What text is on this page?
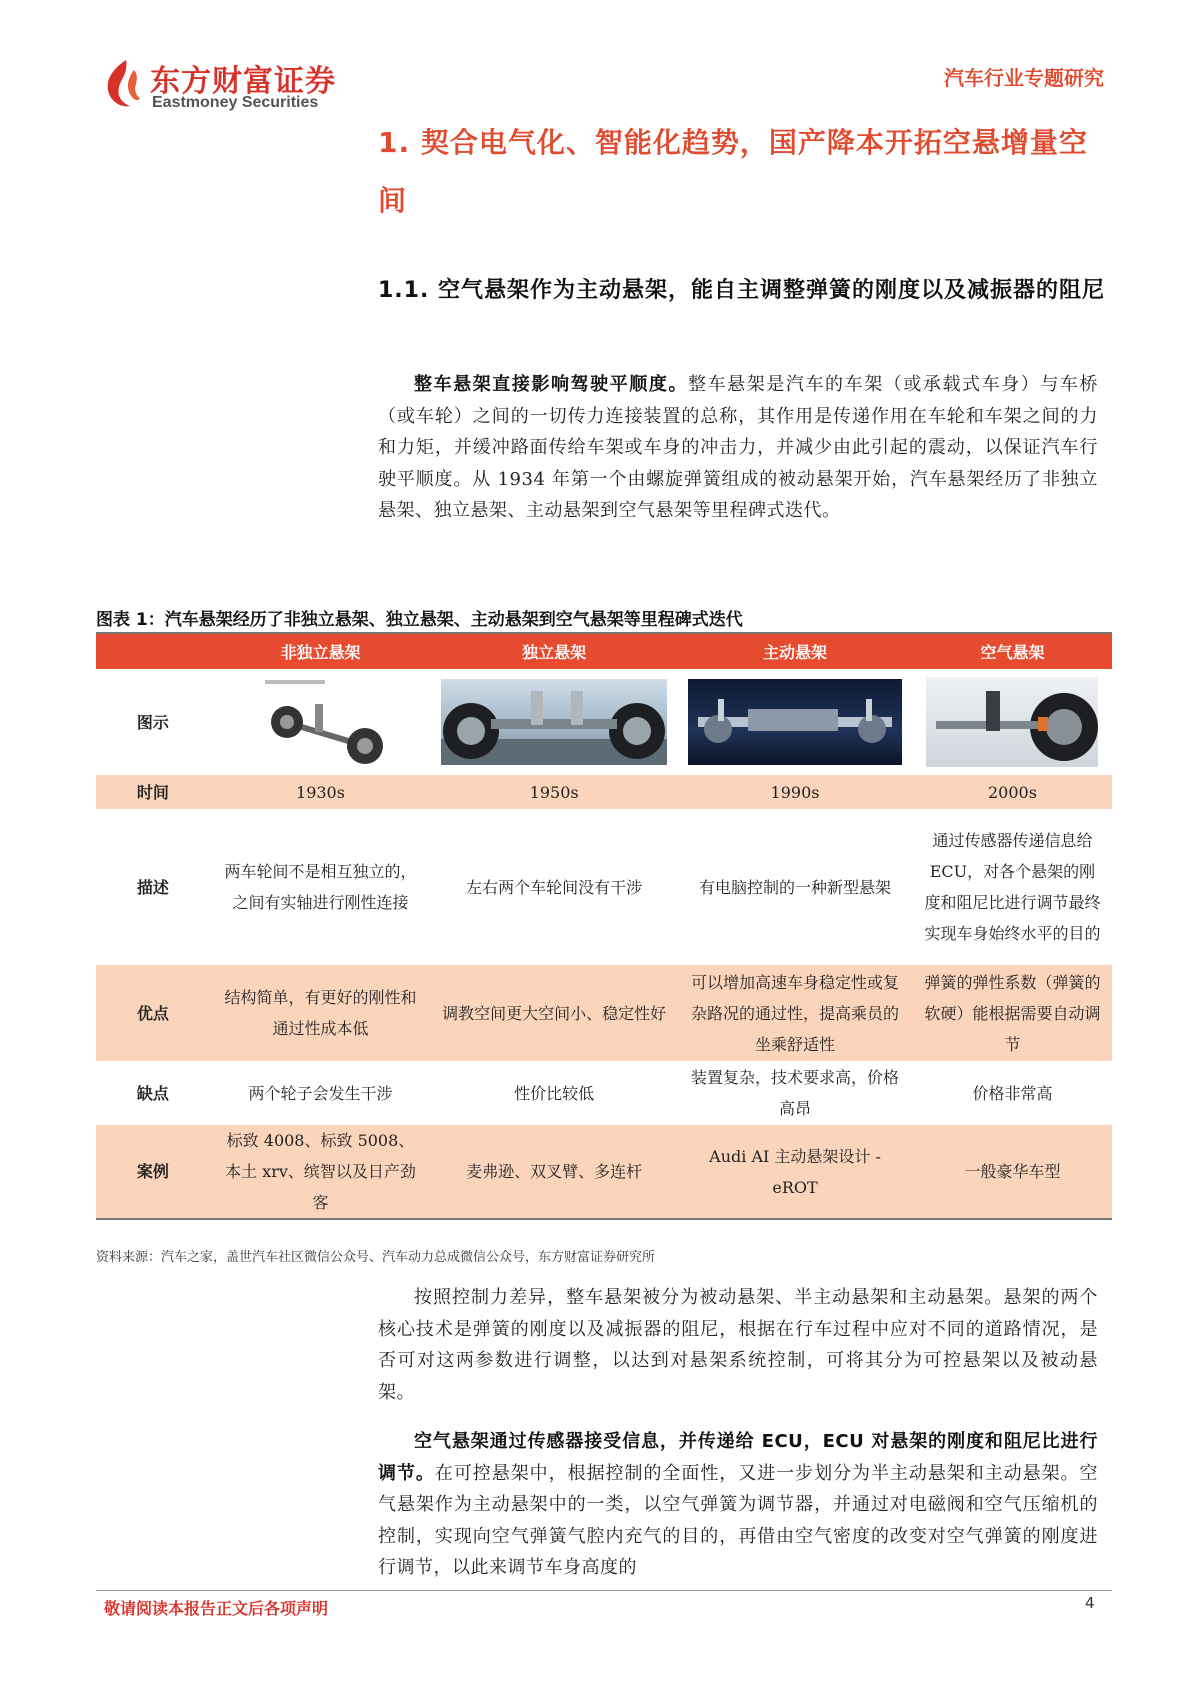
东方财富证券
Eastmoney Securities
汽车行业专题研究
1. 契合电气化、智能化趋势，国产降本开拓空悬增量空间
1.1. 空气悬架作为主动悬架，能自主调整弹簧的刚度以及减振器的阻尼
整车悬架直接影响驾驶平顺度。整车悬架是汽车的车架（或承载式车身）与车桥（或车轮）之间的一切传力连接装置的总称，其作用是传递作用在车轮和车架之间的力和力矩，并缓冲路面传给车架或车身的冲击力，并减少由此引起的震动，以保证汽车行驶平顺度。从 1934 年第一个由螺旋弹簧组成的被动悬架开始，汽车悬架经历了非独立悬架、独立悬架、主动悬架到空气悬架等里程碑式迭代。
图表 1：汽车悬架经历了非独立悬架、独立悬架、主动悬架到空气悬架等里程碑式迭代
	非独立悬架	独立悬架	主动悬架	空气悬架
图示	

时间	1930s	1950s	1990s	2000s
描述	两车轮间不是相互独立的，之间有实轴进行刚性连接	左右两个车轮间没有干涉	有电脑控制的一种新型悬架	通过传感器传递信息给 ECU，对各个悬架的刚度和阻尼比进行调节最终实现车身始终水平的目的
优点	结构简单，有更好的刚性和通过性成本低	调教空间更大空间小、稳定性好	可以增加高速车身稳定性或复杂路况的通过性，提高乘员的坐乘舒适性	弹簧的弹性系数（弹簧的软硬）能根据需要自动调节
缺点	两个轮子会发生干涉	性价比较低	装置复杂，技术要求高，价格高昂	价格非常高
案例	标致 4008、标致 5008、本土 xrv、缤智以及日产劲客	麦弗逊、双叉臂、多连杆	Audi AI 主动悬架设计 -eROT	一般豪华车型
资料来源：汽车之家，盖世汽车社区微信公众号、汽车动力总成微信公众号，东方财富证券研究所
按照控制力差异，整车悬架被分为被动悬架、半主动悬架和主动悬架。悬架的两个核心技术是弹簧的刚度以及减振器的阻尼，根据在行车过程中应对不同的道路情况，是否可对这两参数进行调整，以达到对悬架系统控制，可将其分为可控悬架以及被动悬架。
空气悬架通过传感器接受信息，并传递给 ECU，ECU 对悬架的刚度和阻尼比进行调节。在可控悬架中，根据控制的全面性，又进一步划分为半主动悬架和主动悬架。空气悬架作为主动悬架中的一类，以空气弹簧为调节器，并通过对电磁阀和空气压缩机的控制，实现向空气弹簧气腔内充气的目的，再借由空气密度的改变对空气弹簧的刚度进行调节，以此来调节车身高度的
敬请阅读本报告正文后各项声明	4
